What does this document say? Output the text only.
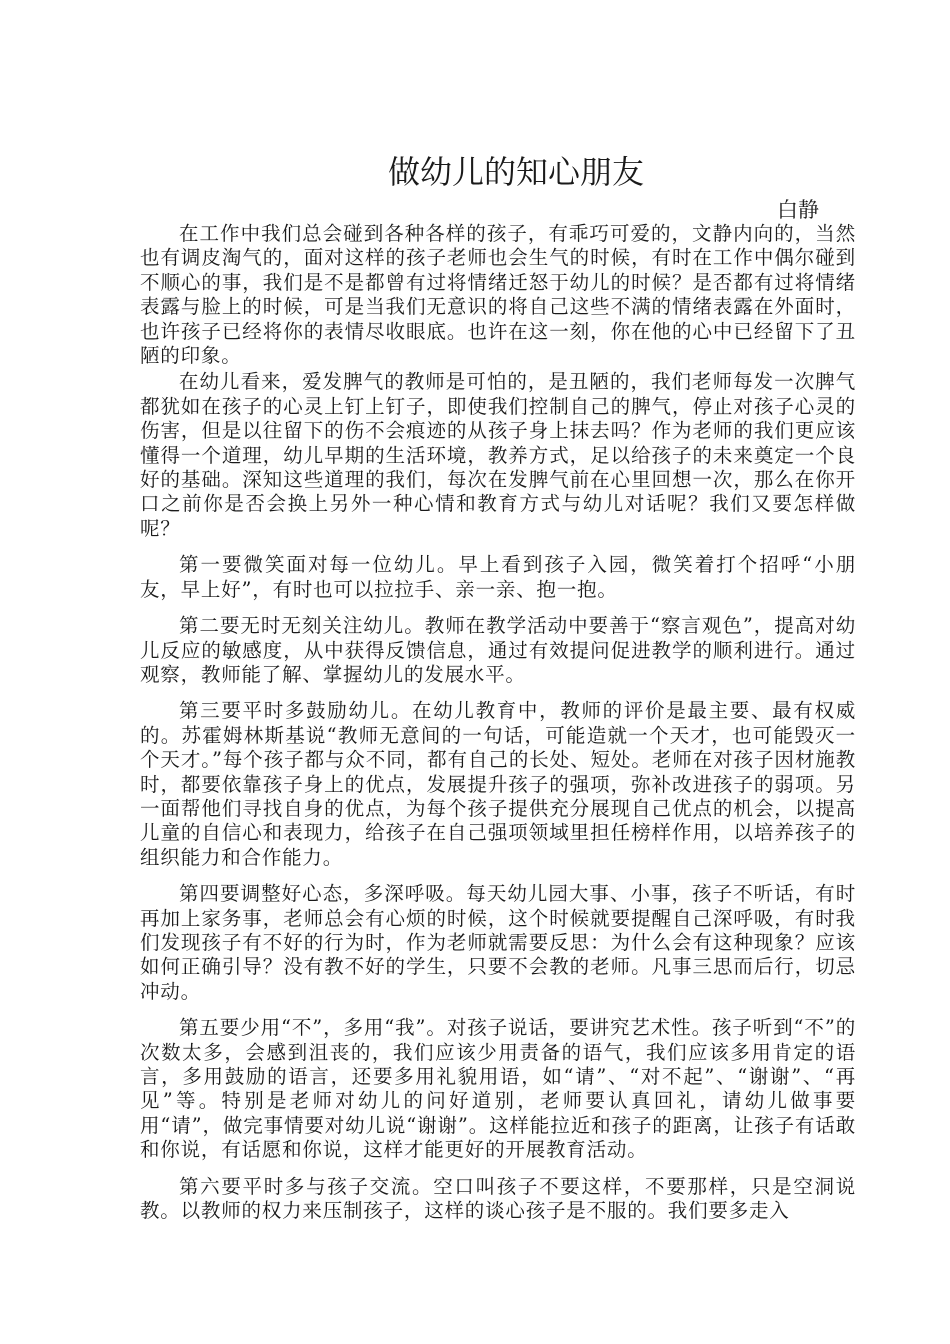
做幼儿的知心朋友
白静

在工作中我们总会碰到各种各样的孩子，有乖巧可爱的，文静内向的，当然也有调皮淘气的，面对这样的孩子老师也会生气的时候，有时在工作中偶尔碰到不顺心的事，我们是不是都曾有过将情绪迁怒于幼儿的时候？是否都有过将情绪表露与脸上的时候，可是当我们无意识的将自己这些不满的情绪表露在外面时，也许孩子已经将你的表情尽收眼底。也许在这一刻，你在他的心中已经留下了丑陋的印象。

在幼儿看来，爱发脾气的教师是可怕的，是丑陋的，我们老师每发一次脾气都犹如在孩子的心灵上钉上钉子，即使我们控制自己的脾气，停止对孩子心灵的伤害，但是以往留下的伤不会痕迹的从孩子身上抹去吗？作为老师的我们更应该懂得一个道理，幼儿早期的生活环境，教养方式，足以给孩子的未来奠定一个良好的基础。深知这些道理的我们，每次在发脾气前在心里回想一次，那么在你开口之前你是否会换上另外一种心情和教育方式与幼儿对话呢？我们又要怎样做呢？

第一要微笑面对每一位幼儿。早上看到孩子入园，微笑着打个招呼“小朋友，早上好”，有时也可以拉拉手、亲一亲、抱一抱。

第二要无时无刻关注幼儿。教师在教学活动中要善于“察言观色”，提高对幼儿反应的敏感度，从中获得反馈信息，通过有效提问促进教学的顺利进行。通过观察，教师能了解、掌握幼儿的发展水平。

第三要平时多鼓励幼儿。在幼儿教育中，教师的评价是最主要、最有权威的。苏霍姆林斯基说“教师无意间的一句话，可能造就一个天才，也可能毁灭一个天才。”每个孩子都与众不同，都有自己的长处、短处。老师在对孩子因材施教时，都要依靠孩子身上的优点，发展提升孩子的强项，弥补改进孩子的弱项。另一面帮他们寻找自身的优点，为每个孩子提供充分展现自己优点的机会，以提高儿童的自信心和表现力，给孩子在自己强项领域里担任榜样作用，以培养孩子的组织能力和合作能力。

第四要调整好心态，多深呼吸。每天幼儿园大事、小事，孩子不听话，有时再加上家务事，老师总会有心烦的时候，这个时候就要提醒自己深呼吸，有时我们发现孩子有不好的行为时，作为老师就需要反思：为什么会有这种现象？应该如何正确引导？没有教不好的学生，只要不会教的老师。凡事三思而后行，切忌冲动。

第五要少用“不”，多用“我”。对孩子说话，要讲究艺术性。孩子听到“不”的次数太多，会感到沮丧的，我们应该少用责备的语气，我们应该多用肯定的语言，多用鼓励的语言，还要多用礼貌用语，如“请”、“对不起”、“谢谢”、“再见”等。特别是老师对幼儿的问好道别，老师要认真回礼，请幼儿做事要用“请”，做完事情要对幼儿说“谢谢”。这样能拉近和孩子的距离，让孩子有话敢和你说，有话愿和你说，这样才能更好的开展教育活动。

第六要平时多与孩子交流。空口叫孩子不要这样，不要那样，只是空洞说教。以教师的权力来压制孩子，这样的谈心孩子是不服的。我们要多走入
